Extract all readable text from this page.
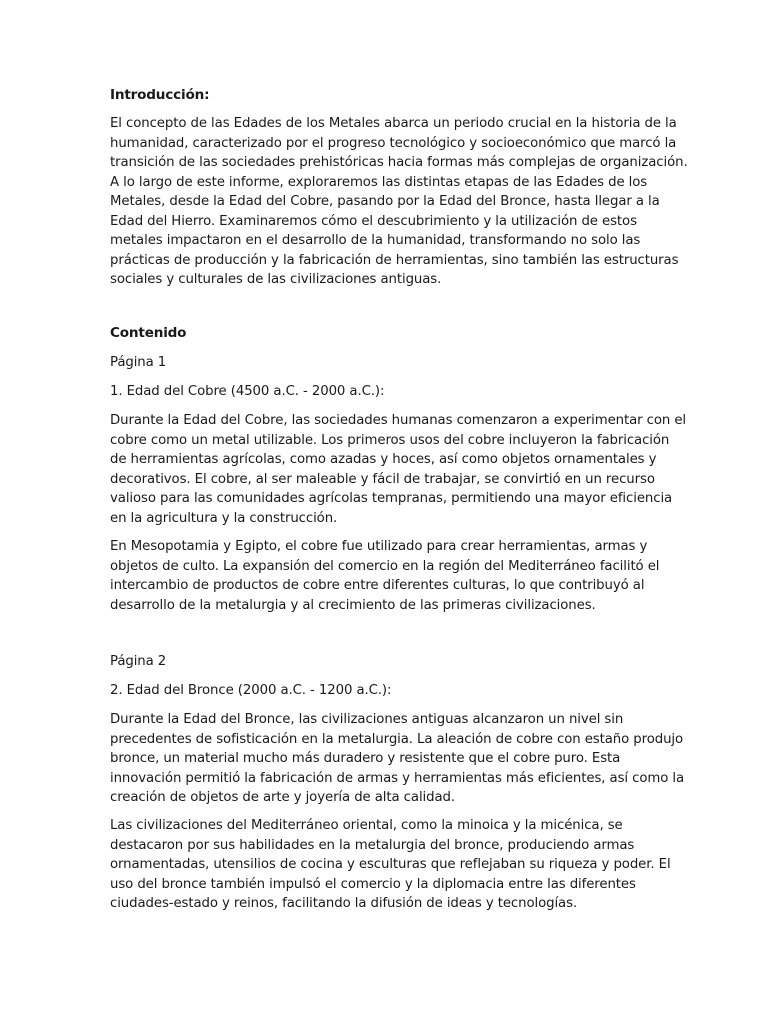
Introducción:
El concepto de las Edades de los Metales abarca un periodo crucial en la historia de la
humanidad, caracterizado por el progreso tecnológico y socioeconómico que marcó la
transición de las sociedades prehistóricas hacia formas más complejas de organización.
A lo largo de este informe, exploraremos las distintas etapas de las Edades de los
Metales, desde la Edad del Cobre, pasando por la Edad del Bronce, hasta llegar a la
Edad del Hierro. Examinaremos cómo el descubrimiento y la utilización de estos
metales impactaron en el desarrollo de la humanidad, transformando no solo las
prácticas de producción y la fabricación de herramientas, sino también las estructuras
sociales y culturales de las civilizaciones antiguas.
Contenido
Página 1
1. Edad del Cobre (4500 a.C. - 2000 a.C.):
Durante la Edad del Cobre, las sociedades humanas comenzaron a experimentar con el
cobre como un metal utilizable. Los primeros usos del cobre incluyeron la fabricación
de herramientas agrícolas, como azadas y hoces, así como objetos ornamentales y
decorativos. El cobre, al ser maleable y fácil de trabajar, se convirtió en un recurso
valioso para las comunidades agrícolas tempranas, permitiendo una mayor eficiencia
en la agricultura y la construcción.
En Mesopotamia y Egipto, el cobre fue utilizado para crear herramientas, armas y
objetos de culto. La expansión del comercio en la región del Mediterráneo facilitó el
intercambio de productos de cobre entre diferentes culturas, lo que contribuyó al
desarrollo de la metalurgia y al crecimiento de las primeras civilizaciones.
Página 2
2. Edad del Bronce (2000 a.C. - 1200 a.C.):
Durante la Edad del Bronce, las civilizaciones antiguas alcanzaron un nivel sin
precedentes de sofisticación en la metalurgia. La aleación de cobre con estaño produjo
bronce, un material mucho más duradero y resistente que el cobre puro. Esta
innovación permitió la fabricación de armas y herramientas más eficientes, así como la
creación de objetos de arte y joyería de alta calidad.
Las civilizaciones del Mediterráneo oriental, como la minoica y la micénica, se
destacaron por sus habilidades en la metalurgia del bronce, produciendo armas
ornamentadas, utensilios de cocina y esculturas que reflejaban su riqueza y poder. El
uso del bronce también impulsó el comercio y la diplomacia entre las diferentes
ciudades-estado y reinos, facilitando la difusión de ideas y tecnologías.
